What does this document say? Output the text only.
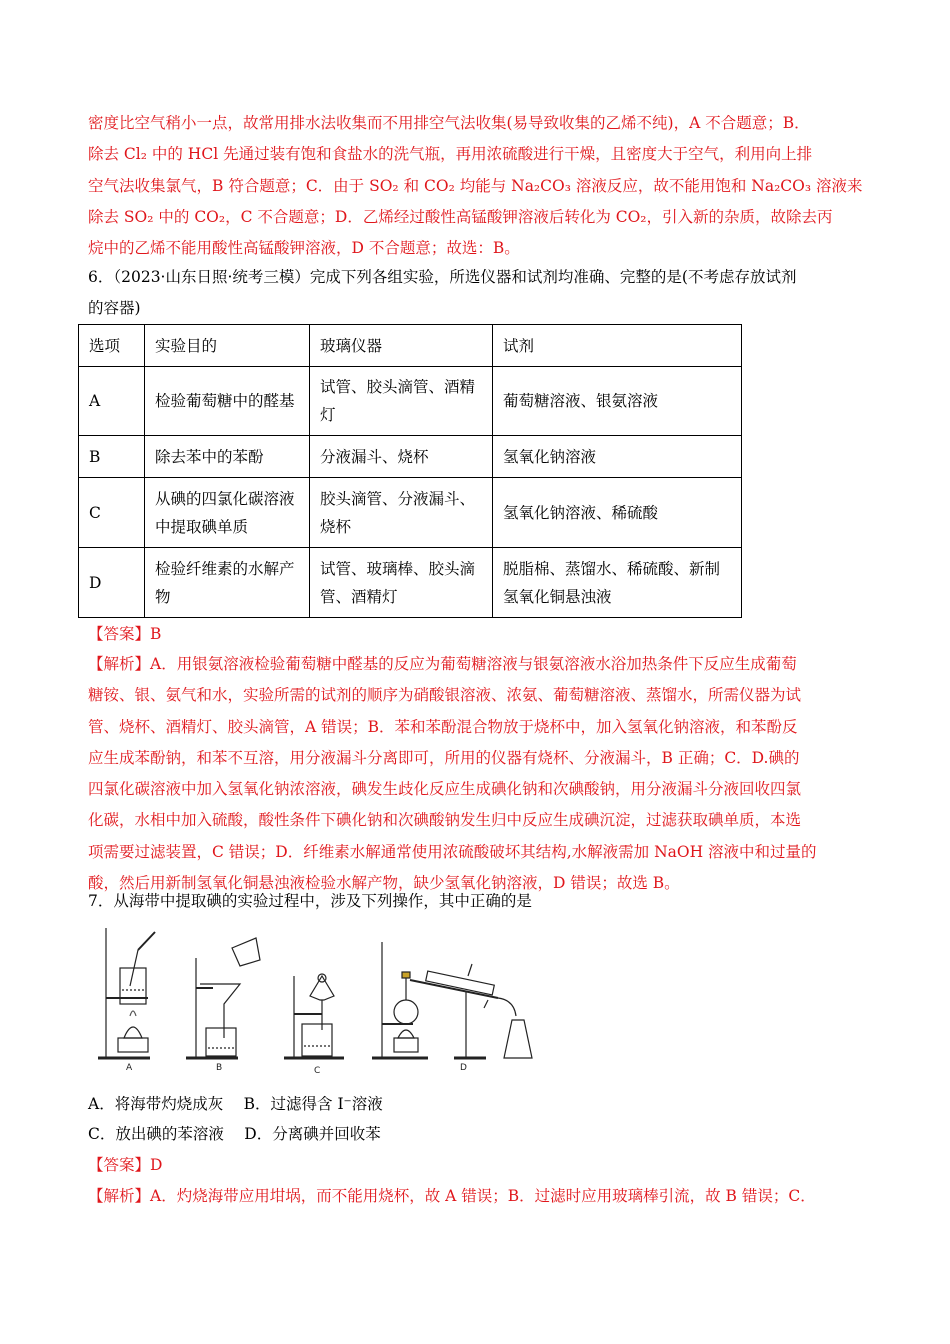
密度比空气稍小一点，故常用排水法收集而不用排空气法收集(易导致收集的乙烯不纯)，A 不合题意；B．
除去 Cl₂ 中的 HCl 先通过装有饱和食盐水的洗气瓶，再用浓硫酸进行干燥，且密度大于空气，利用向上排
空气法收集氯气，B 符合题意；C．由于 SO₂ 和 CO₂ 均能与 Na₂CO₃ 溶液反应，故不能用饱和 Na₂CO₃ 溶液来
除去 SO₂ 中的 CO₂，C 不合题意；D．乙烯经过酸性高锰酸钾溶液后转化为 CO₂，引入新的杂质，故除去丙
烷中的乙烯不能用酸性高锰酸钾溶液，D 不合题意；故选：B。
6．（2023·山东日照·统考三模）完成下列各组实验，所选仪器和试剂均准确、完整的是(不考虑存放试剂
的容器)
选项	实验目的	玻璃仪器	试剂
A	检验葡萄糖中的醛基	试管、胶头滴管、酒精灯	葡萄糖溶液、银氨溶液
B	除去苯中的苯酚	分液漏斗、烧杯	氢氧化钠溶液
C	从碘的四氯化碳溶液中提取碘单质	胶头滴管、分液漏斗、烧杯	氢氧化钠溶液、稀硫酸
D	检验纤维素的水解产物	试管、玻璃棒、胶头滴管、酒精灯	脱脂棉、蒸馏水、稀硫酸、新制氢氧化铜悬浊液
【答案】B
【解析】A．用银氨溶液检验葡萄糖中醛基的反应为葡萄糖溶液与银氨溶液水浴加热条件下反应生成葡萄
糖铵、银、氨气和水，实验所需的试剂的顺序为硝酸银溶液、浓氨、葡萄糖溶液、蒸馏水，所需仪器为试
管、烧杯、酒精灯、胶头滴管，A 错误；B．苯和苯酚混合物放于烧杯中，加入氢氧化钠溶液，和苯酚反
应生成苯酚钠，和苯不互溶，用分液漏斗分离即可，所用的仪器有烧杯、分液漏斗，B 正确；C．D.碘的
四氯化碳溶液中加入氢氧化钠浓溶液，碘发生歧化反应生成碘化钠和次碘酸钠，用分液漏斗分液回收四氯
化碳，水相中加入硫酸，酸性条件下碘化钠和次碘酸钠发生归中反应生成碘沉淀，过滤获取碘单质，本选
项需要过滤装置，C 错误；D．纤维素水解通常使用浓硫酸破坏其结构,水解液需加 NaOH 溶液中和过量的
酸，然后用新制氢氧化铜悬浊液检验水解产物，缺少氢氧化钠溶液，D 错误；故选 B。
7．从海带中提取碘的实验过程中，涉及下列操作，其中正确的是
A	B	C	D
A．将海带灼烧成灰　 B．过滤得含 I⁻溶液
C．放出碘的苯溶液　 D．分离碘并回收苯
【答案】D
【解析】A．灼烧海带应用坩埚，而不能用烧杯，故 A 错误；B．过滤时应用玻璃棒引流，故 B 错误；C．
